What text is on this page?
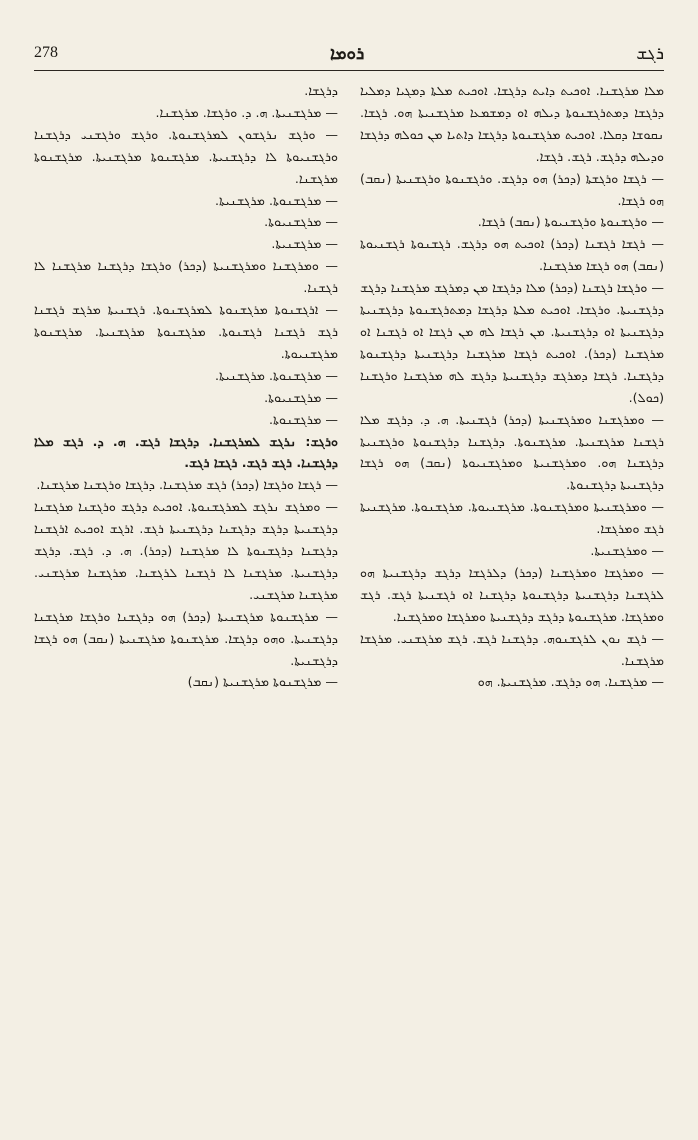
278	ܪܘܡܐ	ܪܓܫ

ܡܠܐ ܡܪܓܫܢܐ. ܐܘܟܝܬ ܕܐܝܬ ܕܪܓܫܐ. ܐܘܟܝܬ ܡܠܬܐ ܕܡܓܝܐ ܕܡܠܝܐ ܕܪܓܫܐ ܕܡܬܪܓܫܢܘܬܐ ܕܝܠܗ ܐܘ ܕܡܫܡܥܐ ܡܪܓܫܢܝܬܐ ܗܘ. ܪܓܫܐ. ܢܩܘܫܐ ܕܩܠܐ. ܐܘܟܝܬ ܡܪܓܫܢܘܬܐ ܕܪܓܫܐ ܕܐܬܝܐ ܡܢ ܟܘܠܗ ܕܪܓܫܐ ܘܕܝܠܗ ܕܪܓܫ. ܪܓܫ. ܪܓܫܐ.

— ܪܓܫܐ ܘܪܓܫܬܐ (ܕܟܪ) ܗܘ ܕܪܓܫ. ܘܪܓܫܢܘܬܐ ܘܪܓܫܢܝܬܐ (ܢܩܒ) ܗܘ ܪܓܫܐ.

— ܘܪܓܫܢܘܬܐ ܘܪܓܫܢܝܘܬܐ (ܢܩܒ) ܪܓܫܐ.

— ܪܓܫܐ ܪܓܫܢܐ (ܕܟܪ) ܐܘܟܝܬ ܗܘ ܕܪܓܫ. ܪܓܫܢܘܬܐ ܪܓܫܢܝܘܬܐ (ܢܩܒ) ܗܘ ܪܓܫܐ ܡܪܓܫܢܐ.

— ܘܪܓܫܐ ܪܓܫܢܐ (ܕܟܪ) ܡܠܐ ܕܪܓܫܐ ܡܢ ܕܡܪܓܫ ܡܪܓܫܢܐ ܕܪܓܫ ܕܪܓܫܢܝܬܐ. ܘܪܓܫܐ. ܐܘܟܝܬ ܡܠܬܐ ܕܪܓܫܐ ܕܡܬܪܓܫܢܘܬܐ ܕܪܓܫܢܝܬܐ ܕܪܓܫܢܝܬܐ ܐܘ ܕܪܓܫܢܝܬܐ. ܡܢ ܪܓܫܐ ܠܗ ܡܢ ܪܓܫܐ ܐܘ ܪܓܫܢܐ ܐܘ ܡܪܓܫܢܐ (ܕܟܪ). ܐܘܟܝܬ ܪܓܫܐ ܡܪܓܫܢܐ ܕܪܓܫܢܝܬܐ ܕܪܓܫܢܘܬܐ ܕܪܓܫܢܐ. ܪܓܫܐ ܕܡܪܓܫ ܕܪܓܫܢܝܬܐ ܕܪܓܫ ܠܗ ܡܪܓܫܢܐ ܘܪܓܫܢܐ (ܟܘܠ).

— ܘܡܪܓܫܢܐ ܘܡܪܓܫܢܝܬܐ (ܕܟܪ) ܪܓܫܢܝܬܐ. ܗ. ܕ. ܕܪܓܫ ܡܠܐ ܪܓܫܢܐ ܡܪܓܫܢܝܬܐ. ܡܪܓܫܢܘܬܐ. ܕܪܓܫܢܐ ܕܪܓܫܢܘܬܐ ܘܪܓܫܢܝܬܐ ܕܪܓܫܢܐ ܗܘ. ܘܡܪܓܫܢܝܬܐ ܘܡܪܓܫܢܝܘܬܐ (ܢܩܒ) ܗܘ ܪܓܫܐ ܕܪܓܫܢܝܬܐ ܕܪܓܫܢܘܬܐ.

— ܘܡܪܓܫܢܝܬܐ ܘܡܪܓܫܢܘܬܐ. ܡܪܓܫܢܝܘܬܐ. ܡܪܓܫܢܘܬܐ. ܡܪܓܫܢܝܬܐ ܪܓܫ ܘܡܪܓܫܐ.

— ܘܡܪܓܫܢܝܬܐ.

— ܘܡܪܓܫܐ ܘܡܪܓܫܢܐ (ܕܟܪ) ܕܠܪܓܫܐ ܕܪܓܫ ܕܪܓܫܢܝܬܐ ܗܘ ܠܪܓܫܢܐ ܕܪܓܫܢܝܬܐ ܕܪܓܫܢܘܬܐ ܕܪܓܫܢܐ ܐܘ ܪܓܫܢܝܬܐ ܪܓܫ. ܪܓܫ ܘܡܪܓܫܐ. ܡܪܓܫܢܘܬܐ ܕܪܓܫ ܕܪܓܫܢܝܬܐ ܘܡܪܓܫܐ ܘܡܪܓܫܢܐ.

— ܪܓܫ ܢܘܢ ܠܪܓܫܢܘܗ. ܕܪܓܫܢܐ ܪܓܫ. ܪܓܫ ܡܪܓܫܢܝ. ܡܪܓܫܐ ܡܪܓܫܢܐ.

— ܡܪܓܫܢܐ. ܗܘ ܕܪܓܫ. ܡܪܓܫܢܝܬܐ. ܗܘ

ܕܪܓܫܐ.

— ܡܪܓܫܢܝܬܐ. ܗ. ܕ. ܘܪܓܫܐ. ܡܪܓܫܢܐ.

— ܘܪܓܫ ܢܪܓܫܘܢ ܠܡܪܓܫܢܘܬܐ. ܘܪܓܫ ܘܪܓܫܢܝ ܕܪܓܫܢܐ ܘܪܓܫܢܝܘܬܐ ܠܐ ܕܪܓܫܢܝܬܐ. ܡܪܓܫܢܘܬܐ ܡܪܓܫܢܝܬܐ. ܡܪܓܫܢܘܬܐ ܡܪܓܫܢܐ.

— ܡܪܓܫܢܘܬܐ. ܡܪܓܫܢܝܬܐ.

— ܡܪܓܫܢܝܘܬܐ.

— ܡܪܓܫܢܝܬܐ.

— ܘܡܪܓܫܢܐ ܘܡܪܓܫܢܝܬܐ (ܕܟܪ) ܘܪܓܫܐ ܕܪܓܫܢܐ ܡܪܓܫܢܐ ܠܐ ܪܓܫܢܐ.

— ܐܪܓܫܢܘܬܐ ܡܪܓܫܢܘܬܐ ܠܡܪܓܫܢܘܬܐ. ܪܓܫܢܝܬܐ ܡܪܓܫ ܪܓܫܢܐ ܪܓܫ ܪܓܫܢܐ ܪܓܫܢܘܬܐ. ܡܪܓܫܢܘܬܐ ܡܪܓܫܢܝܬܐ. ܡܪܓܫܢܘܬܐ ܡܪܓܫܢܝܘܬܐ.

— ܡܪܓܫܢܘܬܐ. ܡܪܓܫܢܝܬܐ.

— ܡܪܓܫܢܝܘܬܐ.

— ܡܪܓܫܢܘܬܐ.

ܘܪܓܫ: ܢܪܓܫ ܠܡܪܓܫܢܐ. ܕܪܓܫܐ ܪܓܫ. ܗ. ܕ. ܪܓܫ ܡܠܐ ܕܪܓܫܢܐ. ܪܓܫ ܪܓܫ. ܪܓܫܐ ܪܓܫ.

— ܪܓܫܐ ܘܪܓܫܐ (ܕܟܪ) ܪܓܫ ܡܪܓܫܢܐ. ܕܪܓܫܐ ܘܪܓܫܢܐ ܡܪܓܫܢܐ.

— ܘܡܪܓܫ ܢܪܓܫ ܠܡܪܓܫܢܘܬܐ. ܐܘܟܝܬ ܕܪܓܫ ܘܪܓܫܢܐ ܡܪܓܫܢܐ ܕܪܓܫܢܝܬܐ ܕܪܓܫ ܕܪܓܫܢܐ ܕܪܓܫܢܝܬܐ ܪܓܫ. ܐܪܓܫ ܐܘܟܝܬ ܐܪܓܫܢܐ ܕܪܓܫܢܐ ܕܪܓܫܢܘܬܐ ܠܐ ܡܪܓܫܢܐ (ܕܟܪ). ܗ. ܕ. ܪܓܫ. ܕܪܓܫ ܕܪܓܫܢܝܬܐ. ܡܪܓܫܢܐ ܠܐ ܪܓܫܢܐ ܠܪܓܫܢܐ. ܡܪܓܫܢܐ ܡܪܓܫܢܝ. ܡܪܓܫܢܐ ܡܪܓܫܢܝ.

— ܡܪܓܫܢܘܬܐ ܡܪܓܫܢܝܬܐ (ܕܟܪ) ܗܘ ܕܪܓܫܢܐ ܘܪܓܫܐ ܡܪܓܫܢܐ ܕܪܓܫܢܝܬܐ. ܘܗܘ ܕܪܓܫܐ. ܡܪܓܫܢܘܬܐ ܡܪܓܫܢܝܬܐ (ܢܩܒ) ܗܘ ܪܓܫܐ ܕܪܓܫܢܝܬܐ.

— ܡܪܓܫܢܘܬܐ ܡܪܓܫܢܝܬܐ (ܢܩܒ)
